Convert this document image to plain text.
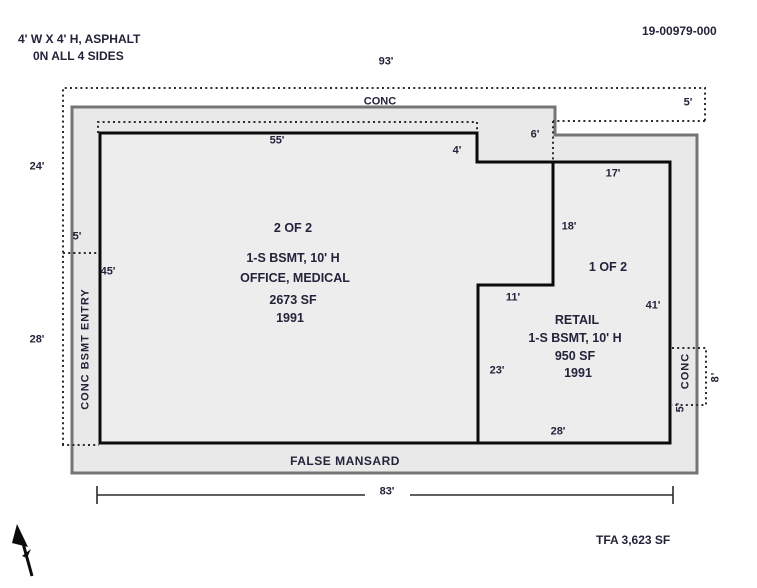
4' W X 4' H, ASPHALT
0N ALL 4 SIDES
19-00979-000
93'
CONC	5'
FALSE MANSARD
83'
24'
5'
45'
28'	CONC BSMT ENTRY
2 OF 2
1-S BSMT, 10' H
OFFICE, MEDICAL
2673 SF
1991
55'
4'
6'
1 OF 2
RETAIL
1-S BSMT, 10' H
950 SF
1991
17'
18'
41'
11'
23'
28'
CONC
5'
8'
TFA 3,623 SF
